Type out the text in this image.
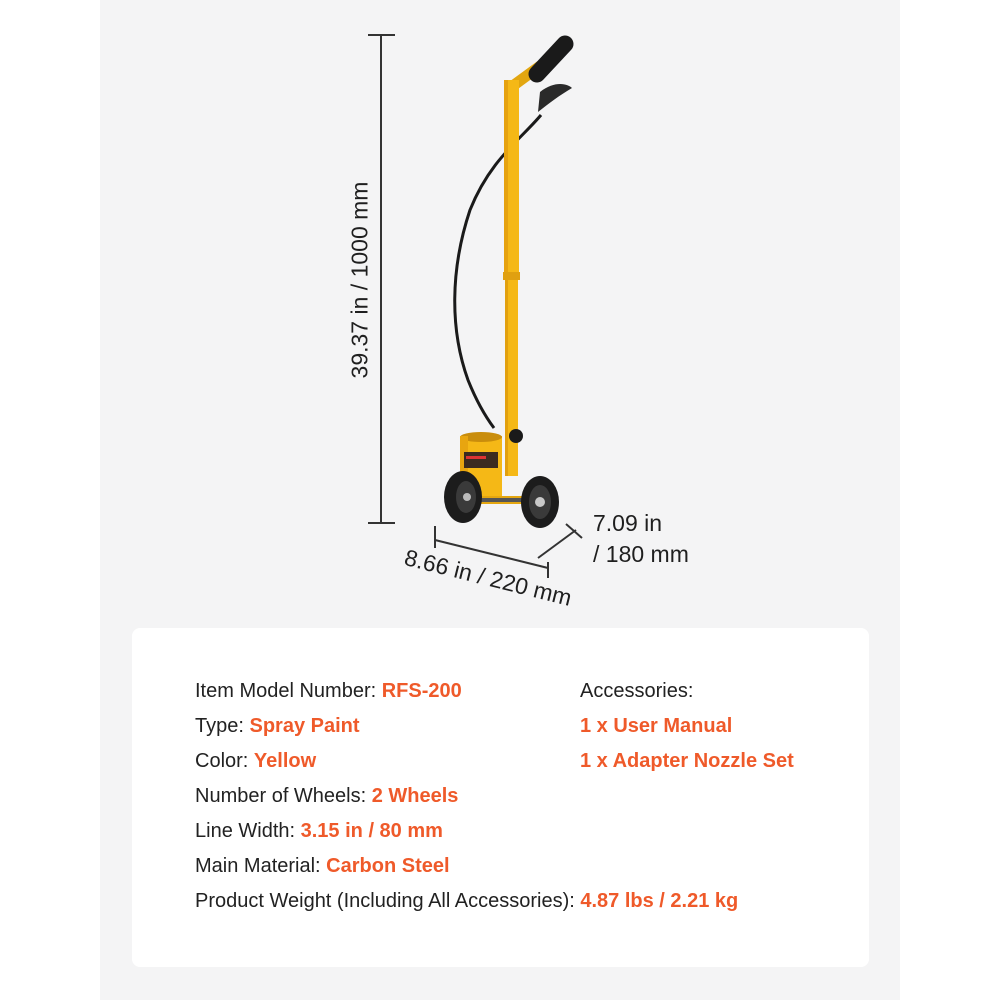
39.37 in / 1000 mm
7.09 in
/ 180 mm
8.66 in / 220 mm
Item Model Number: RFS-200
Type: Spray Paint
Color: Yellow
Number of Wheels: 2 Wheels
Line Width: 3.15 in / 80 mm
Main Material: Carbon Steel
Product Weight (Including All Accessories): 4.87 lbs / 2.21 kg
Accessories:
1 x User Manual
1 x Adapter Nozzle Set
